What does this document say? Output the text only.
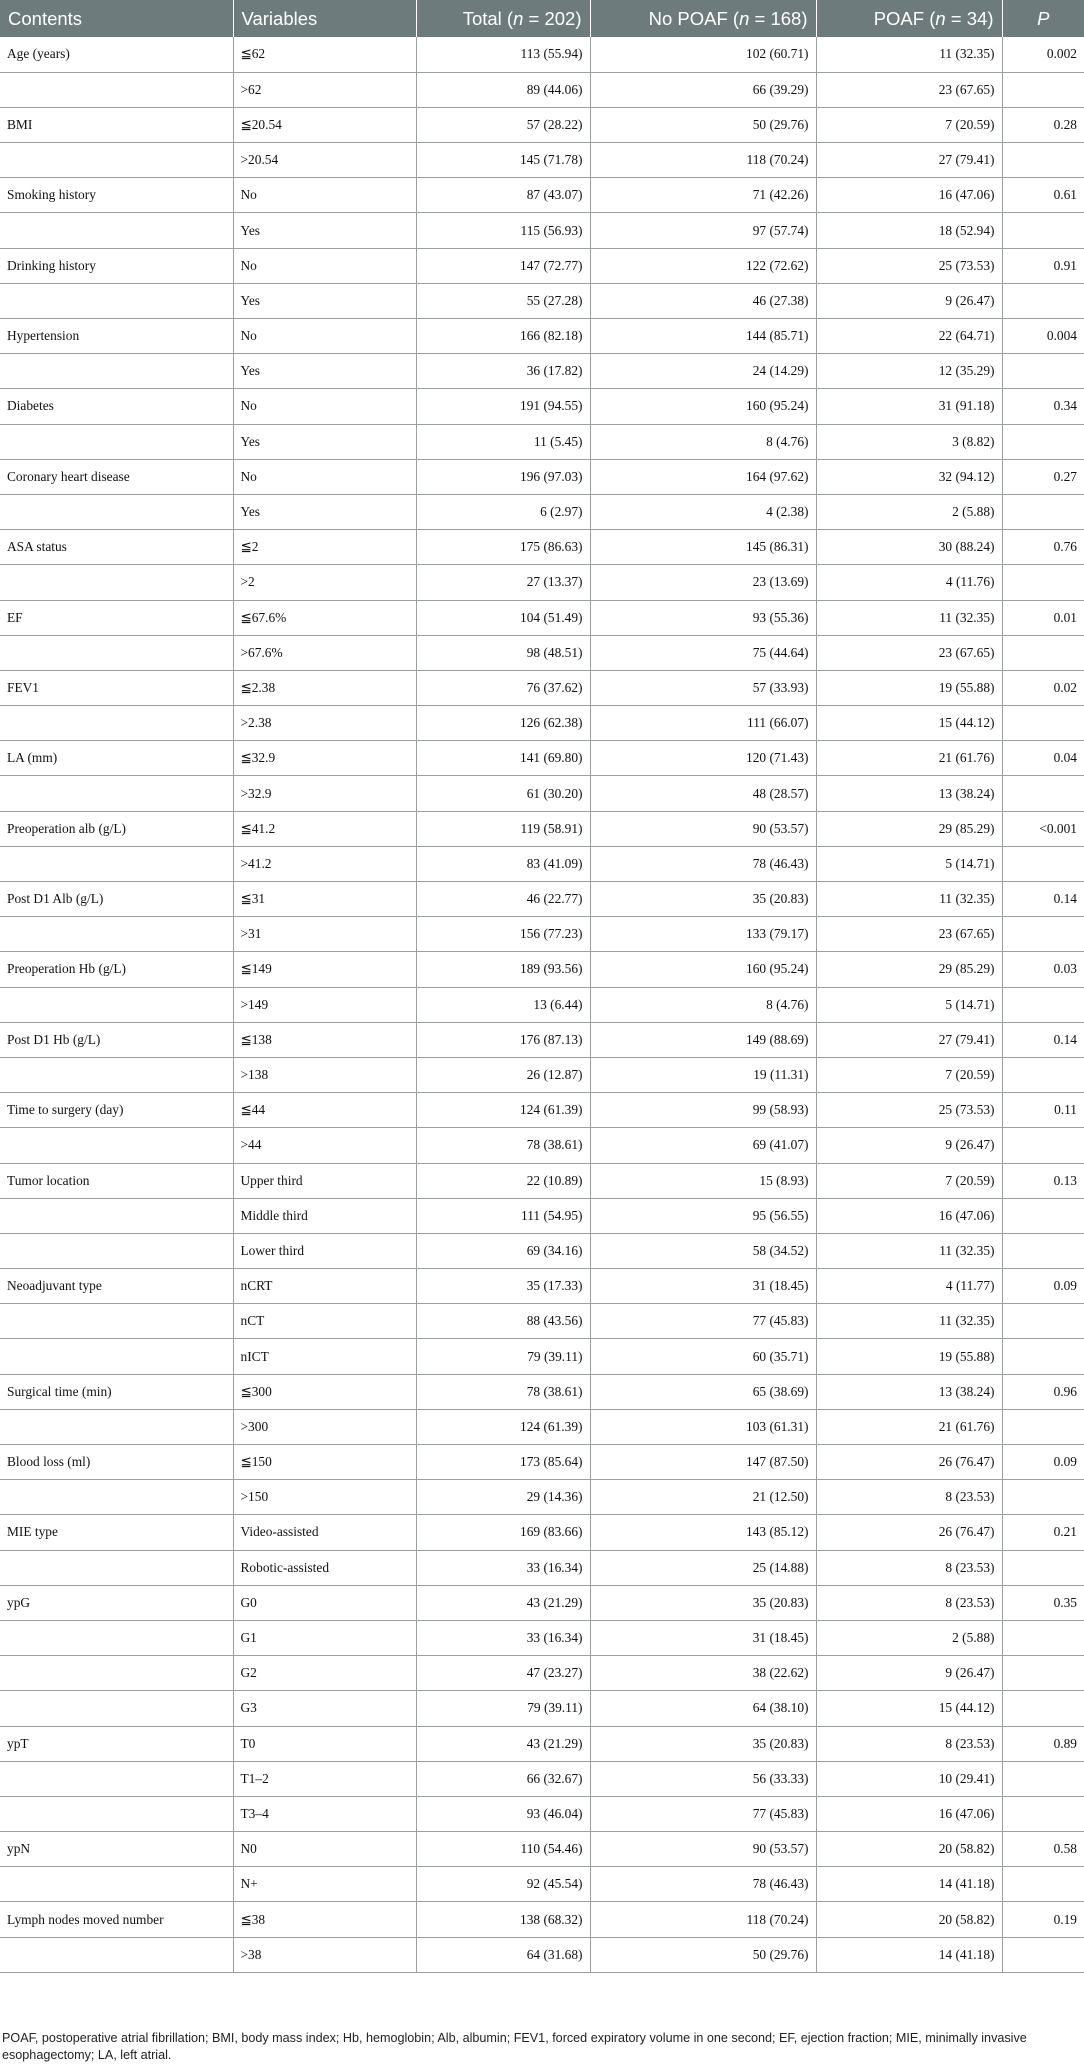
Contents	Variables	Total (n = 202)	No POAF (n = 168)	POAF (n = 34)	P
Age (years)	≦62	113 (55.94)	102 (60.71)	11 (32.35)	0.002
	>62	89 (44.06)	66 (39.29)	23 (67.65)	
BMI	≦20.54	57 (28.22)	50 (29.76)	7 (20.59)	0.28
	>20.54	145 (71.78)	118 (70.24)	27 (79.41)	
Smoking history	No	87 (43.07)	71 (42.26)	16 (47.06)	0.61
	Yes	115 (56.93)	97 (57.74)	18 (52.94)	
Drinking history	No	147 (72.77)	122 (72.62)	25 (73.53)	0.91
	Yes	55 (27.28)	46 (27.38)	9 (26.47)	
Hypertension	No	166 (82.18)	144 (85.71)	22 (64.71)	0.004
	Yes	36 (17.82)	24 (14.29)	12 (35.29)	
Diabetes	No	191 (94.55)	160 (95.24)	31 (91.18)	0.34
	Yes	11 (5.45)	8 (4.76)	3 (8.82)	
Coronary heart disease	No	196 (97.03)	164 (97.62)	32 (94.12)	0.27
	Yes	6 (2.97)	4 (2.38)	2 (5.88)	
ASA status	≦2	175 (86.63)	145 (86.31)	30 (88.24)	0.76
	>2	27 (13.37)	23 (13.69)	4 (11.76)	
EF	≦67.6%	104 (51.49)	93 (55.36)	11 (32.35)	0.01
	>67.6%	98 (48.51)	75 (44.64)	23 (67.65)	
FEV1	≦2.38	76 (37.62)	57 (33.93)	19 (55.88)	0.02
	>2.38	126 (62.38)	111 (66.07)	15 (44.12)	
LA (mm)	≦32.9	141 (69.80)	120 (71.43)	21 (61.76)	0.04
	>32.9	61 (30.20)	48 (28.57)	13 (38.24)	
Preoperation alb (g/L)	≦41.2	119 (58.91)	90 (53.57)	29 (85.29)	<0.001
	>41.2	83 (41.09)	78 (46.43)	5 (14.71)	
Post D1 Alb (g/L)	≦31	46 (22.77)	35 (20.83)	11 (32.35)	0.14
	>31	156 (77.23)	133 (79.17)	23 (67.65)	
Preoperation Hb (g/L)	≦149	189 (93.56)	160 (95.24)	29 (85.29)	0.03
	>149	13 (6.44)	8 (4.76)	5 (14.71)	
Post D1 Hb (g/L)	≦138	176 (87.13)	149 (88.69)	27 (79.41)	0.14
	>138	26 (12.87)	19 (11.31)	7 (20.59)	
Time to surgery (day)	≦44	124 (61.39)	99 (58.93)	25 (73.53)	0.11
	>44	78 (38.61)	69 (41.07)	9 (26.47)	
Tumor location	Upper third	22 (10.89)	15 (8.93)	7 (20.59)	0.13
	Middle third	111 (54.95)	95 (56.55)	16 (47.06)	
	Lower third	69 (34.16)	58 (34.52)	11 (32.35)	
Neoadjuvant type	nCRT	35 (17.33)	31 (18.45)	4 (11.77)	0.09
	nCT	88 (43.56)	77 (45.83)	11 (32.35)	
	nICT	79 (39.11)	60 (35.71)	19 (55.88)	
Surgical time (min)	≦300	78 (38.61)	65 (38.69)	13 (38.24)	0.96
	>300	124 (61.39)	103 (61.31)	21 (61.76)	
Blood loss (ml)	≦150	173 (85.64)	147 (87.50)	26 (76.47)	0.09
	>150	29 (14.36)	21 (12.50)	8 (23.53)	
MIE type	Video-assisted	169 (83.66)	143 (85.12)	26 (76.47)	0.21
	Robotic-assisted	33 (16.34)	25 (14.88)	8 (23.53)	
ypG	G0	43 (21.29)	35 (20.83)	8 (23.53)	0.35
	G1	33 (16.34)	31 (18.45)	2 (5.88)	
	G2	47 (23.27)	38 (22.62)	9 (26.47)	
	G3	79 (39.11)	64 (38.10)	15 (44.12)	
ypT	T0	43 (21.29)	35 (20.83)	8 (23.53)	0.89
	T1–2	66 (32.67)	56 (33.33)	10 (29.41)	
	T3–4	93 (46.04)	77 (45.83)	16 (47.06)	
ypN	N0	110 (54.46)	90 (53.57)	20 (58.82)	0.58
	N+	92 (45.54)	78 (46.43)	14 (41.18)	
Lymph nodes moved number	≦38	138 (68.32)	118 (70.24)	20 (58.82)	0.19
	>38	64 (31.68)	50 (29.76)	14 (41.18)	
POAF, postoperative atrial fibrillation; BMI, body mass index; Hb, hemoglobin; Alb, albumin; FEV1, forced expiratory volume in one second; EF, ejection fraction; MIE, minimally invasive esophagectomy; LA, left atrial.
